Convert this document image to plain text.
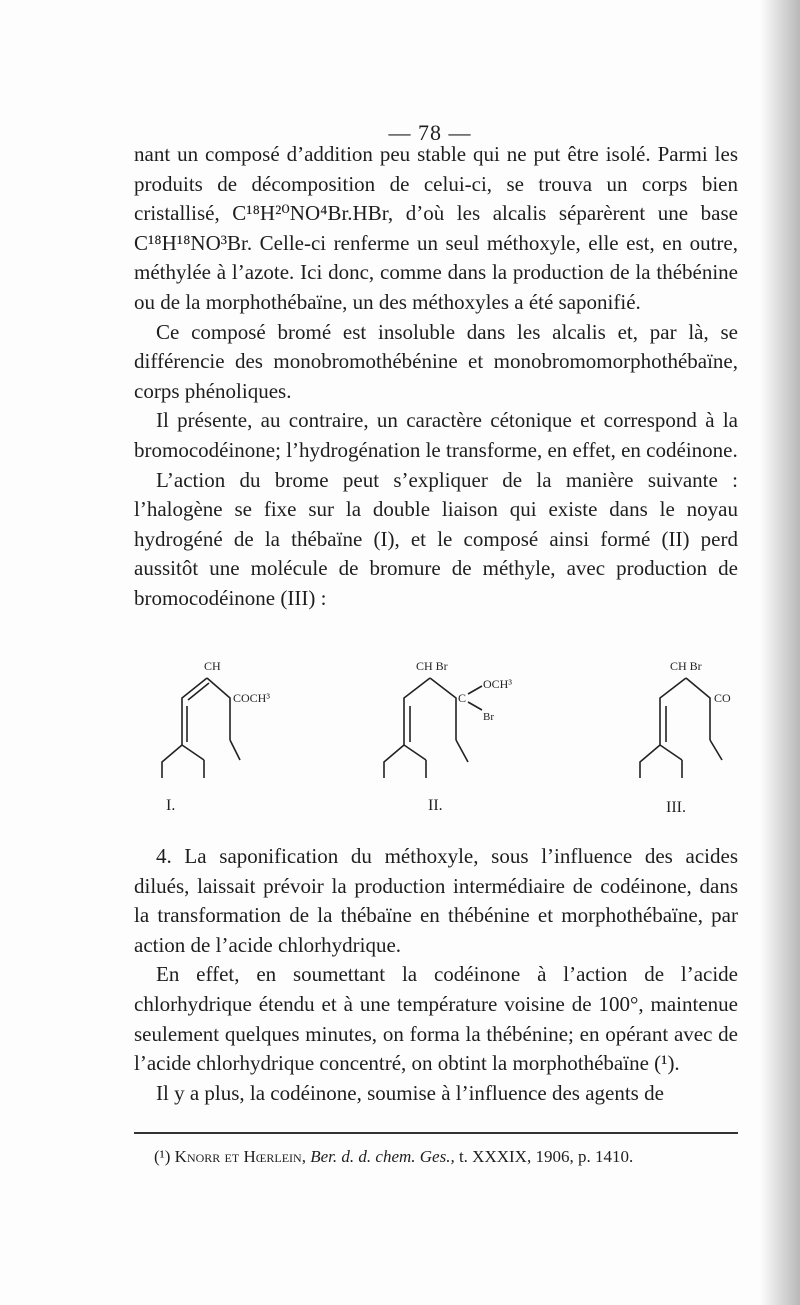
— 78 —

nant un composé d’addition peu stable qui ne put être isolé. Parmi les produits de décomposition de celui-ci, se trouva un corps bien cristallisé, C¹⁸H²⁰NO⁴Br.HBr, d’où les alcalis séparèrent une base C¹⁸H¹⁸NO³Br. Celle-ci renferme un seul méthoxyle, elle est, en outre, méthylée à l’azote. Ici donc, comme dans la production de la thébénine ou de la morphothébaïne, un des méthoxyles a été saponifié.

Ce composé bromé est insoluble dans les alcalis et, par là, se différencie des monobromothébénine et monobromomorphothébaïne, corps phénoliques.

Il présente, au contraire, un caractère cétonique et correspond à la bromocodéinone; l’hydrogénation le transforme, en effet, en codéinone.

L’action du brome peut s’expliquer de la manière suivante : l’halogène se fixe sur la double liaison qui existe dans le noyau hydrogéné de la thébaïne (I), et le composé ainsi formé (II) perd aussitôt une molécule de bromure de méthyle, avec production de bromocodéinone (III) :

CH
COCH³
I.
CH Br
C
OCH³
Br
II.
CH Br
CO
III.

4. La saponification du méthoxyle, sous l’influence des acides dilués, laissait prévoir la production intermédiaire de codéinone, dans la transformation de la thébaïne en thébénine et morphothébaïne, par action de l’acide chlorhydrique.

En effet, en soumettant la codéinone à l’action de l’acide chlorhydrique étendu et à une température voisine de 100°, maintenue seulement quelques minutes, on forma la thébénine; en opérant avec de l’acide chlorhydrique concentré, on obtint la morphothébaïne (¹).

Il y a plus, la codéinone, soumise à l’influence des agents de

(¹) Knorr et Hœrlein, Ber. d. d. chem. Ges., t. XXXIX, 1906, p. 1410.
